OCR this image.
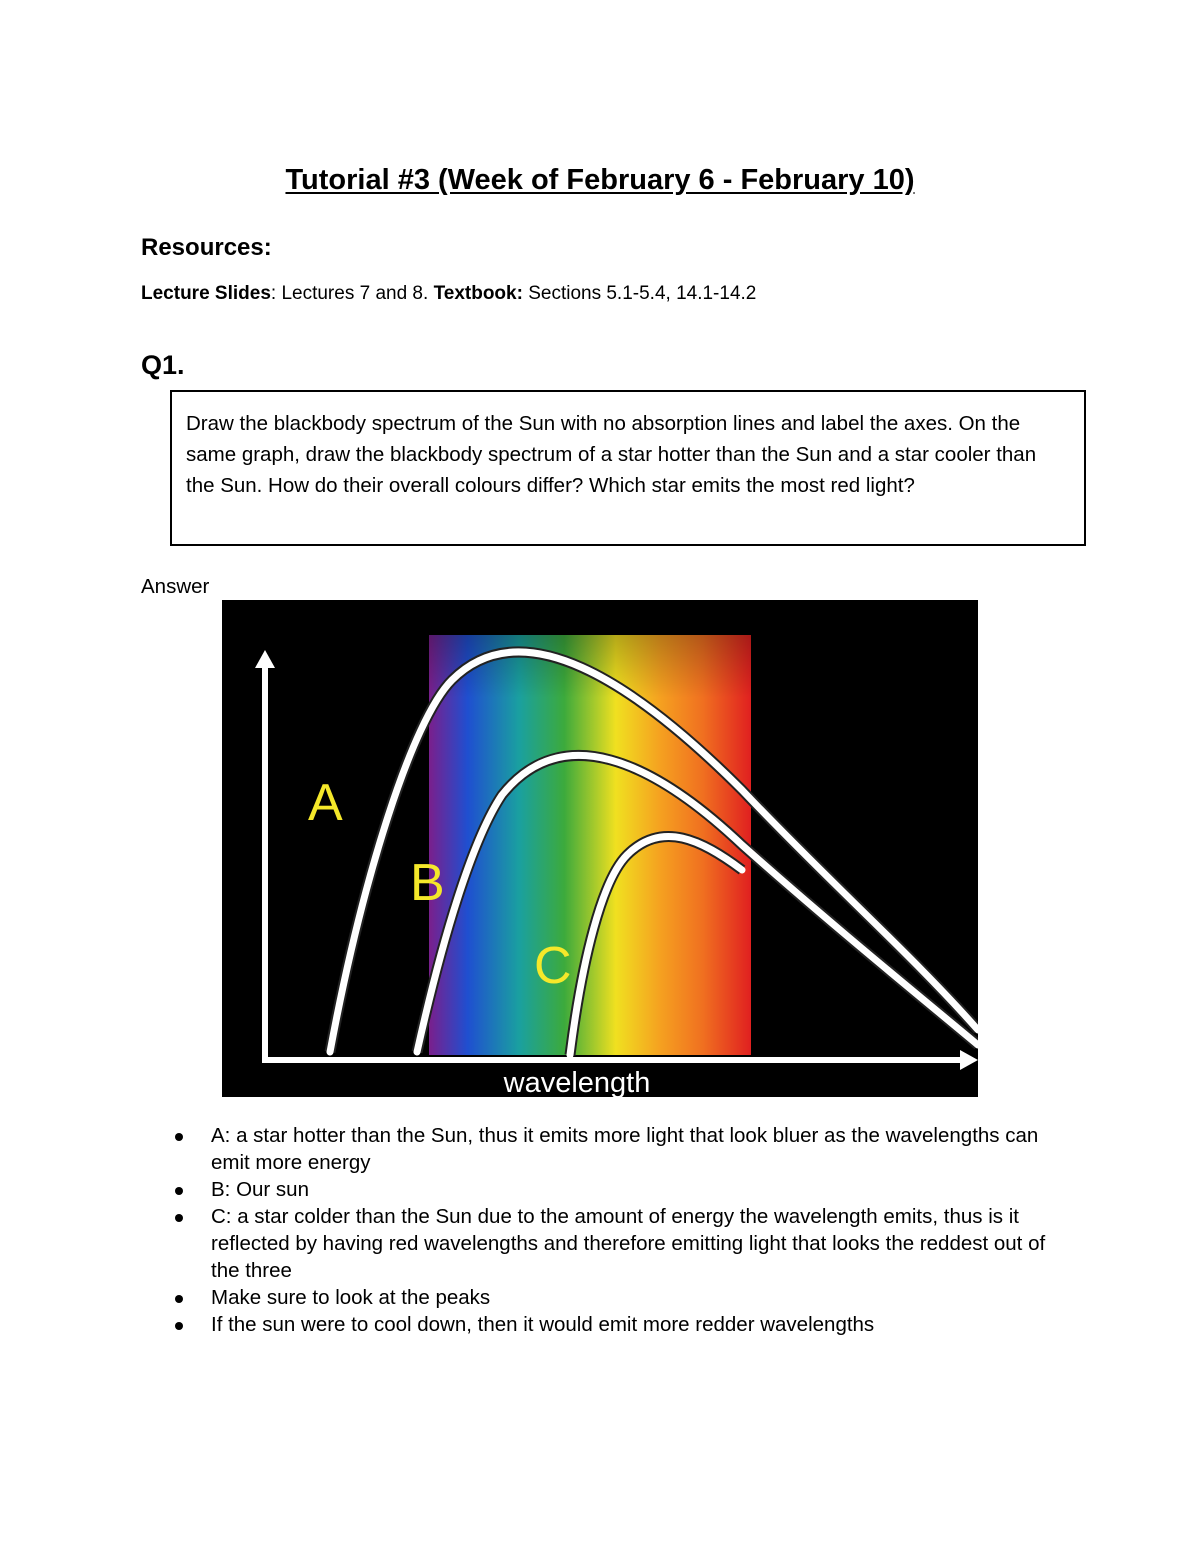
Tutorial #3 (Week of February 6 - February 10)
Resources:
Lecture Slides: Lectures 7 and 8. Textbook: Sections 5.1-5.4, 14.1-14.2
Q1.
Draw the blackbody spectrum of the Sun with no absorption lines and label the axes. On the same graph, draw the blackbody spectrum of a star hotter than the Sun and a star cooler than the Sun. How do their overall colours differ? Which star emits the most red light?
Answer
A
B
C
wavelength
A: a star hotter than the Sun, thus it emits more light that look bluer as the wavelengths can emit more energy
B: Our sun
C: a star colder than the Sun due to the amount of energy the wavelength emits, thus is it reflected by having red wavelengths and therefore emitting light that looks the reddest out of the three
Make sure to look at the peaks
If the sun were to cool down, then it would emit more redder wavelengths
